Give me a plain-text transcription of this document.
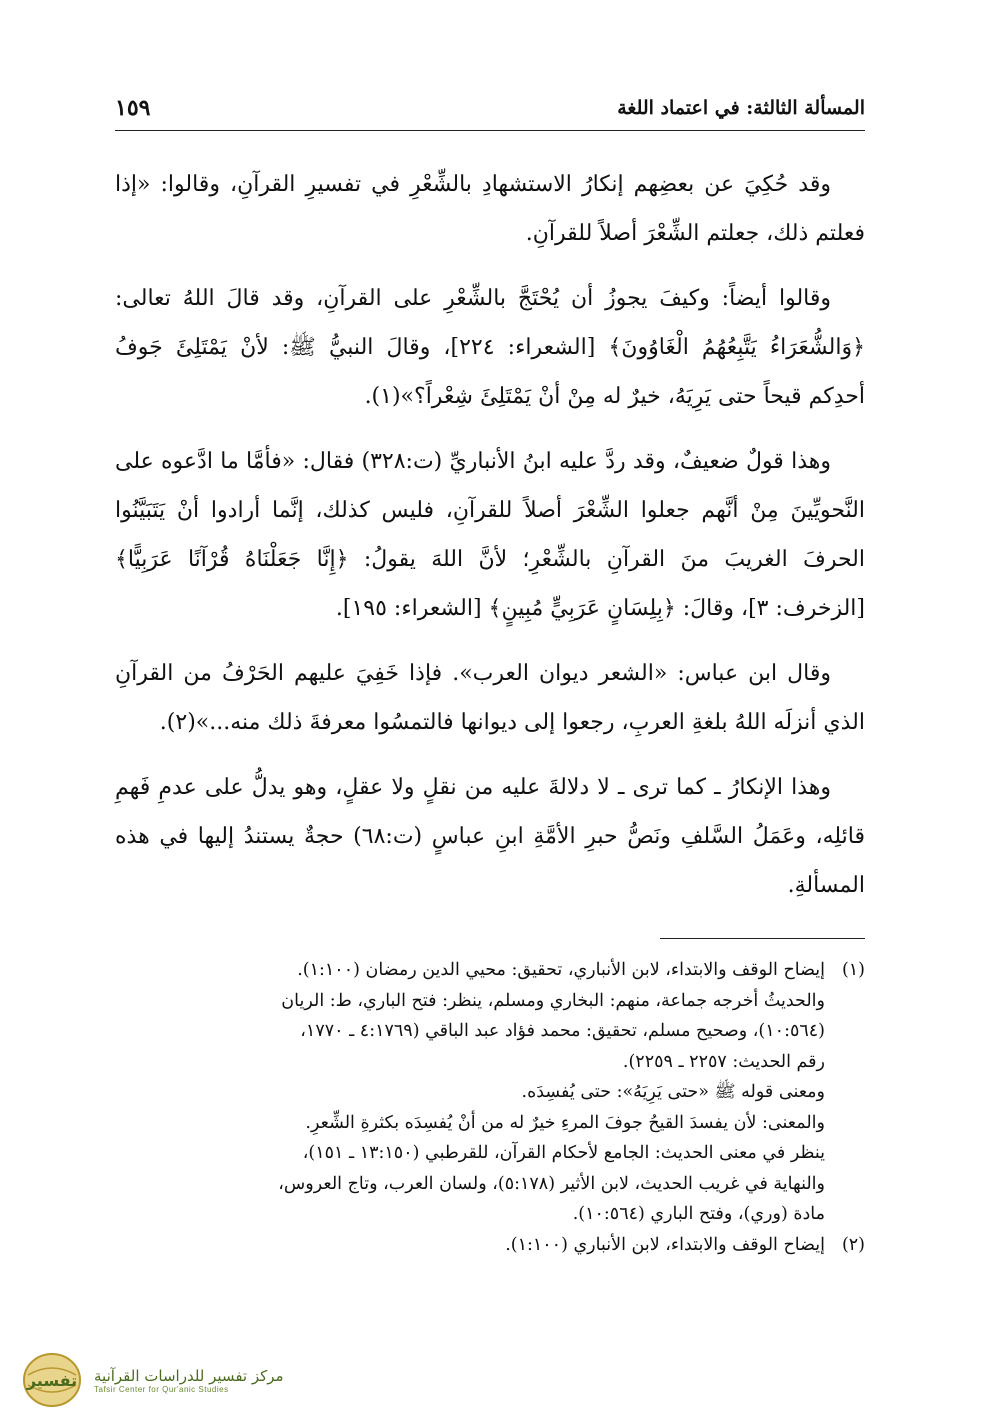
المسألة الثالثة: في اعتماد اللغة
١٥٩

وقد حُكِيَ عن بعضِهم إنكارُ الاستشهادِ بالشِّعْرِ في تفسيرِ القرآنِ، وقالوا: «إذا فعلتم ذلك، جعلتم الشِّعْرَ أصلاً للقرآنِ.

وقالوا أيضاً: وكيفَ يجوزُ أن يُحْتَجَّ بالشِّعْرِ على القرآنِ، وقد قالَ اللهُ تعالى: ﴿وَالشُّعَرَاءُ يَتَّبِعُهُمُ الْغَاوُونَ﴾ [الشعراء: ٢٢٤]، وقالَ النبيُّ ﷺ: لأنْ يَمْتَلِئَ جَوفُ أحدِكم قيحاً حتى يَرِيَهُ، خيرٌ له مِنْ أنْ يَمْتَلِئَ شِعْراً؟»(١).

وهذا قولٌ ضعيفٌ، وقد ردَّ عليه ابنُ الأنباريِّ (ت:٣٢٨) فقال: «فأمَّا ما ادَّعوه على النَّحويِّينَ مِنْ أنَّهم جعلوا الشِّعْرَ أصلاً للقرآنِ، فليس كذلك، إنَّما أرادوا أنْ يَتَبَيَّنُوا الحرفَ الغريبَ منَ القرآنِ بالشِّعْرِ؛ لأنَّ اللهَ يقولُ: ﴿إِنَّا جَعَلْنَاهُ قُرْآنًا عَرَبِيًّا﴾ [الزخرف: ٣]، وقالَ: ﴿بِلِسَانٍ عَرَبِيٍّ مُبِينٍ﴾ [الشعراء: ١٩٥].

وقال ابن عباس: «الشعر ديوان العرب». فإذا خَفِيَ عليهم الحَرْفُ من القرآنِ الذي أنزلَه اللهُ بلغةِ العربِ، رجعوا إلى ديوانها فالتمسُوا معرفةَ ذلك منه...»(٢).

وهذا الإنكارُ ـ كما ترى ـ لا دلالةَ عليه من نقلٍ ولا عقلٍ، وهو يدلُّ على عدمِ فَهمِ قائلِه، وعَمَلُ السَّلفِ ونَصُّ حبرِ الأمَّةِ ابنِ عباسٍ (ت:٦٨) حجةٌ يستندُ إليها في هذه المسألةِ.

(١)
إيضاح الوقف والابتداء، لابن الأنباري، تحقيق: محيي الدين رمضان (١:١٠٠).
والحديثُ أخرجه جماعة، منهم: البخاري ومسلم، ينظر: فتح الباري، ط: الريان
(١٠:٥٦٤)، وصحيح مسلم، تحقيق: محمد فؤاد عبد الباقي (٤:١٧٦٩ ـ ١٧٧٠،
رقم الحديث: ٢٢٥٧ ـ ٢٢٥٩).
ومعنى قوله ﷺ «حتى يَرِيَهُ»: حتى يُفسِدَه.
والمعنى: لأن يفسدَ القيحُ جوفَ المرءِ خيرٌ له من أنْ يُفسِدَه بكثرةِ الشِّعرِ.
ينظر في معنى الحديث: الجامع لأحكام القرآن، للقرطبي (١٣:١٥٠ ـ ١٥١)،
والنهاية في غريب الحديث، لابن الأثير (٥:١٧٨)، ولسان العرب، وتاج العروس،
مادة (وري)، وفتح الباري (١٠:٥٦٤).
(٢)
إيضاح الوقف والابتداء، لابن الأنباري (١:١٠٠).
تفسير مركز تفسير للدراسات القرآنية
Tafsir Center for Qur'anic Studies
